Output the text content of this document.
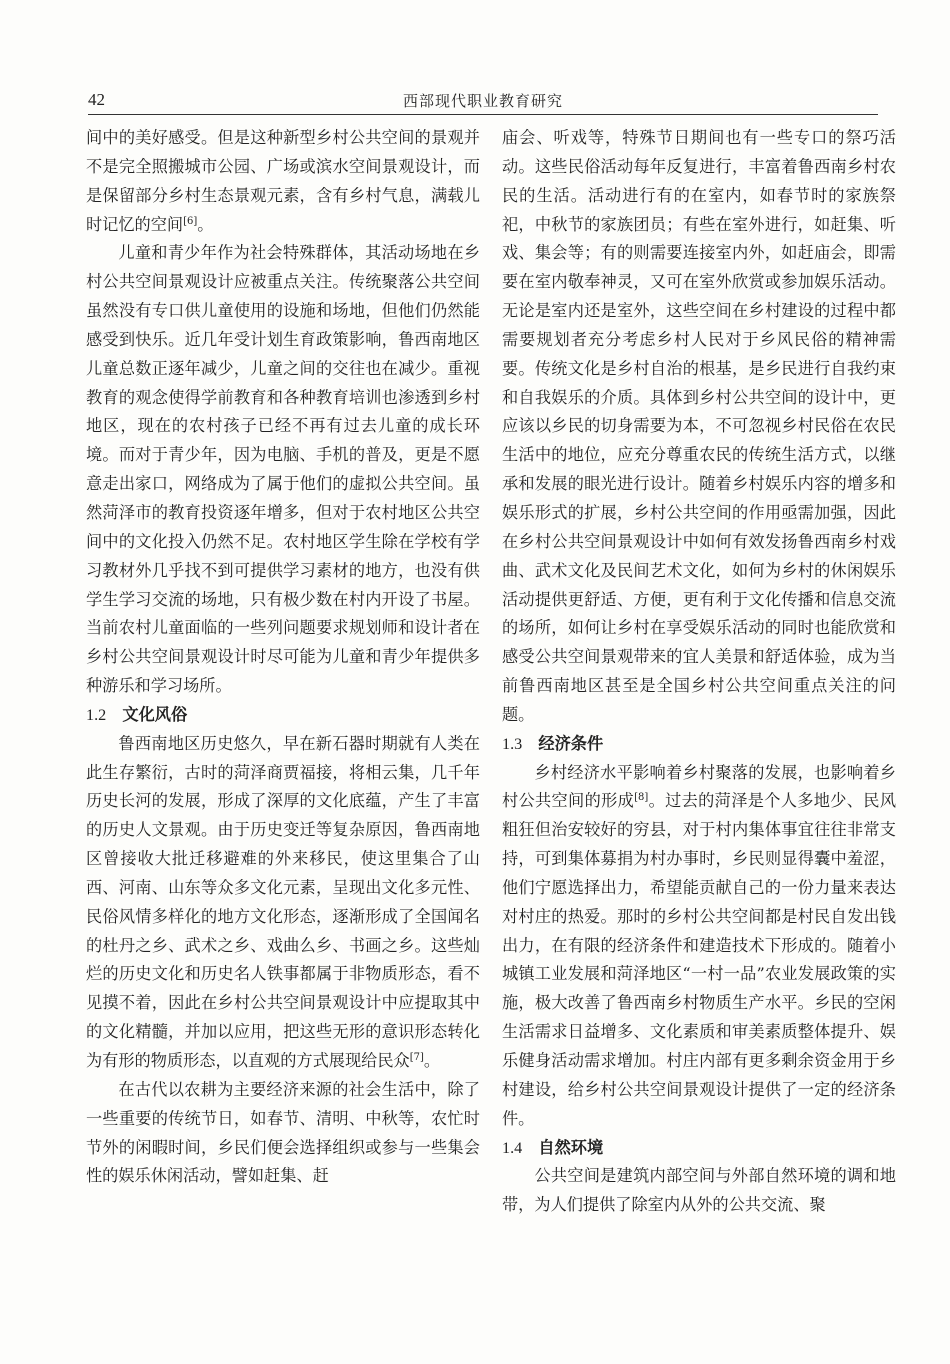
42	西部现代职业教育研究

间中的美好感受。但是这种新型乡村公共空间的景观并不是完全照搬城市公园、广场或滨水空间景观设计，而是保留部分乡村生态景观元素，含有乡村气息，满载儿时记忆的空间[6]。

儿童和青少年作为社会特殊群体，其活动场地在乡村公共空间景观设计应被重点关注。传统聚落公共空间虽然没有专口供儿童使用的设施和场地，但他们仍然能感受到快乐。近几年受计划生育政策影响，鲁西南地区儿童总数正逐年减少，儿童之间的交往也在减少。重视教育的观念使得学前教育和各种教育培训也渗透到乡村地区，现在的农村孩子已经不再有过去儿童的成长环境。而对于青少年，因为电脑、手机的普及，更是不愿意走出家口，网络成为了属于他们的虚拟公共空间。虽然菏泽市的教育投资逐年增多，但对于农村地区公共空间中的文化投入仍然不足。农村地区学生除在学校有学习教材外几乎找不到可提供学习素材的地方，也没有供学生学习交流的场地，只有极少数在村内开设了书屋。当前农村儿童面临的一些列问题要求规划师和设计者在乡村公共空间景观设计时尽可能为儿童和青少年提供多种游乐和学习场所。

1.2 文化风俗

鲁西南地区历史悠久，早在新石器时期就有人类在此生存繁衍，古时的菏泽商贾福接，将相云集，几千年历史长河的发展，形成了深厚的文化底蕴，产生了丰富的历史人文景观。由于历史变迁等复杂原因，鲁西南地区曾接收大批迁移避难的外来移民，使这里集合了山西、河南、山东等众多文化元素，呈现出文化多元性、民俗风情多样化的地方文化形态，逐渐形成了全国闻名的杜丹之乡、武术之乡、戏曲么乡、书画之乡。这些灿烂的历史文化和历史名人铁事都属于非物质形态，看不见摸不着，因此在乡村公共空间景观设计中应提取其中的文化精髓，并加以应用，把这些无形的意识形态转化为有形的物质形态，以直观的方式展现给民众[7]。

在古代以农耕为主要经济来源的社会生活中，除了一些重要的传统节日，如春节、清明、中秋等，农忙时节外的闲暇时间，乡民们便会选择组织或参与一些集会性的娱乐休闲活动，譬如赶集、赶

庙会、听戏等，特殊节日期间也有一些专口的祭巧活动。这些民俗活动每年反复进行，丰富着鲁西南乡村农民的生活。活动进行有的在室内，如春节时的家族祭祀，中秋节的家族团员；有些在室外进行，如赶集、听戏、集会等；有的则需要连接室内外，如赶庙会，即需要在室内敬奉神灵，又可在室外欣赏或参加娱乐活动。无论是室内还是室外，这些空间在乡村建设的过程中都需要规划者充分考虑乡村人民对于乡风民俗的精神需要。传统文化是乡村自治的根基，是乡民进行自我约束和自我娱乐的介质。具体到乡村公共空间的设计中，更应该以乡民的切身需要为本，不可忽视乡村民俗在农民生活中的地位，应充分尊重农民的传统生活方式，以继承和发展的眼光进行设计。随着乡村娱乐内容的增多和娱乐形式的扩展，乡村公共空间的作用亟需加强，因此在乡村公共空间景观设计中如何有效发扬鲁西南乡村戏曲、武术文化及民间艺术文化，如何为乡村的休闲娱乐活动提供更舒适、方便，更有利于文化传播和信息交流的场所，如何让乡村在享受娱乐活动的同时也能欣赏和感受公共空间景观带来的宜人美景和舒适体验，成为当前鲁西南地区甚至是全国乡村公共空间重点关注的问题。

1.3 经济条件

乡村经济水平影响着乡村聚落的发展，也影响着乡村公共空间的形成[8]。过去的菏泽是个人多地少、民风粗狂但治安较好的穷县，对于村内集体事宜往往非常支持，可到集体募捐为村办事时，乡民则显得囊中羞涩，他们宁愿选择出力，希望能贡献自己的一份力量来表达对村庄的热爱。那时的乡村公共空间都是村民自发出钱出力，在有限的经济条件和建造技术下形成的。随着小城镇工业发展和菏泽地区“一村一品”农业发展政策的实施，极大改善了鲁西南乡村物质生产水平。乡民的空闲生活需求日益增多、文化素质和审美素质整体提升、娱乐健身活动需求增加。村庄内部有更多剩余资金用于乡村建设，给乡村公共空间景观设计提供了一定的经济条件。

1.4 自然环境

公共空间是建筑内部空间与外部自然环境的调和地带，为人们提供了除室内从外的公共交流、聚
